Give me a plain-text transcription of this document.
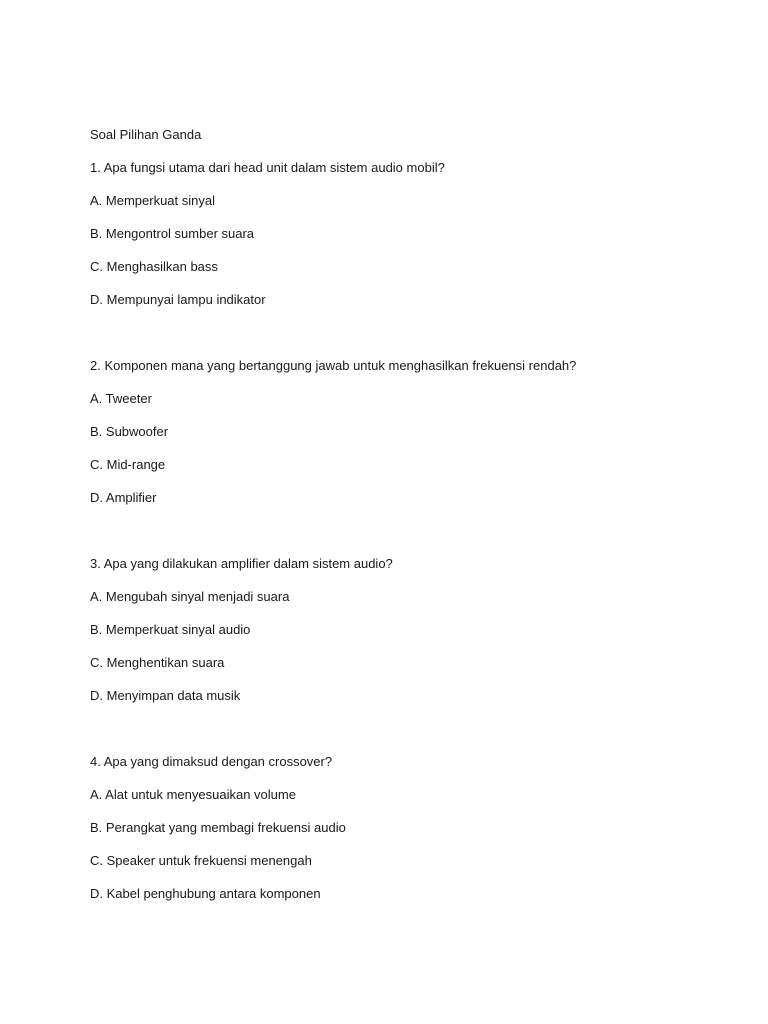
Soal Pilihan Ganda

1. Apa fungsi utama dari head unit dalam sistem audio mobil?

A. Memperkuat sinyal

B. Mengontrol sumber suara

C. Menghasilkan bass

D. Mempunyai lampu indikator

2. Komponen mana yang bertanggung jawab untuk menghasilkan frekuensi rendah?

A. Tweeter

B. Subwoofer

C. Mid-range

D. Amplifier

3. Apa yang dilakukan amplifier dalam sistem audio?

A. Mengubah sinyal menjadi suara

B. Memperkuat sinyal audio

C. Menghentikan suara

D. Menyimpan data musik

4. Apa yang dimaksud dengan crossover?

A. Alat untuk menyesuaikan volume

B. Perangkat yang membagi frekuensi audio

C. Speaker untuk frekuensi menengah

D. Kabel penghubung antara komponen
